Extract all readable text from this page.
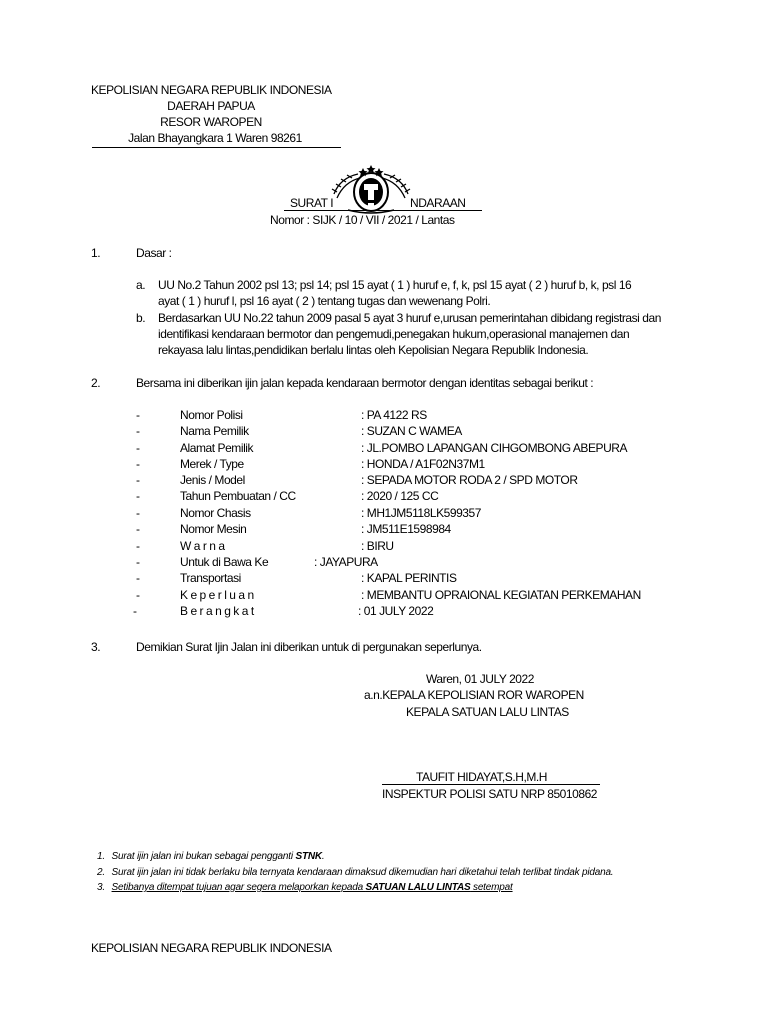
KEPOLISIAN NEGARA REPUBLIK INDONESIA
DAERAH PAPUA
RESOR WAROPEN
Jalan Bhayangkara 1 Waren 98261
SURAT I	NDARAAN
Nomor : SIJK / 10 / VII / 2021 / Lantas
1.	Dasar :
a. UU No.2 Tahun 2002 psl 13; psl 14; psl 15 ayat ( 1 ) huruf e, f, k, psl 15 ayat ( 2 ) huruf b, k, psl 16
ayat ( 1 ) huruf l, psl 16 ayat ( 2 ) tentang tugas dan wewenang Polri.
b. Berdasarkan UU No.22 tahun 2009 pasal 5 ayat 3 huruf e,urusan pemerintahan dibidang registrasi dan
identifikasi kendaraan bermotor dan pengemudi,penegakan hukum,operasional manajemen dan
rekayasa lalu lintas,pendidikan berlalu lintas oleh Kepolisian Negara Republik Indonesia.
2.	Bersama ini diberikan ijin jalan kepada kendaraan bermotor dengan identitas sebagai berikut :
-	Nomor Polisi	: PA 4122 RS
-	Nama Pemilik	: SUZAN C WAMEA
-	Alamat Pemilik	: JL.POMBO LAPANGAN CIHGOMBONG ABEPURA
-	Merek / Type	: HONDA / A1F02N37M1
-	Jenis / Model	: SEPADA MOTOR RODA 2 / SPD MOTOR
-	Tahun Pembuatan / CC	: 2020 / 125 CC
-	Nomor Chasis	: MH1JM5118LK599357
-	Nomor Mesin	: JM511E1598984
-	W a r n a	: BIRU
-	Untuk di Bawa Ke	: JAYAPURA
-	Transportasi	: KAPAL PERINTIS
-	K e p e r l u a n	: MEMBANTU OPRAIONAL KEGIATAN PERKEMAHAN
-	B e r a n g k a t	: 01 JULY 2022
3.	Demikian Surat Ijin Jalan ini diberikan untuk di pergunakan seperlunya.
Waren, 01 JULY 2022
a.n.KEPALA KEPOLISIAN ROR WAROPEN
KEPALA SATUAN LALU LINTAS
TAUFIT HIDAYAT,S.H,M.H
INSPEKTUR POLISI SATU NRP 85010862
1. Surat ijin jalan ini bukan sebagai pengganti STNK.
2. Surat ijin jalan ini tidak berlaku bila ternyata kendaraan dimaksud dikemudian hari diketahui telah terlibat tindak pidana.
3. Setibanya ditempat tujuan agar segera melaporkan kepada SATUAN LALU LINTAS setempat
KEPOLISIAN NEGARA REPUBLIK INDONESIA
